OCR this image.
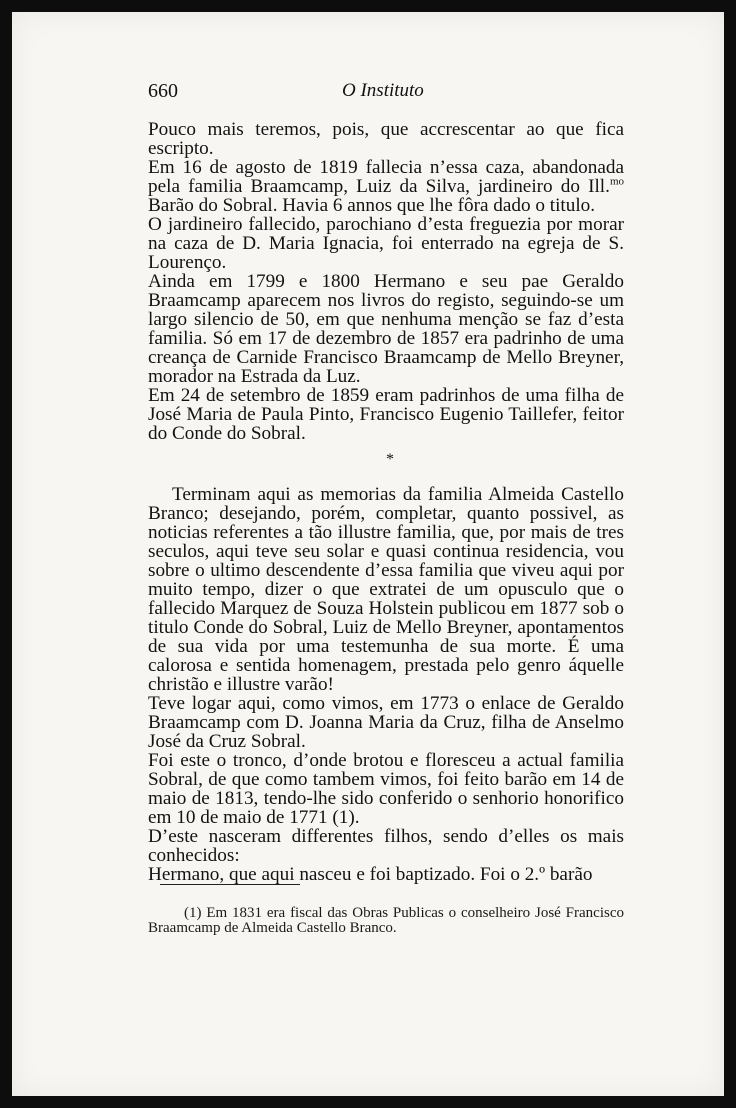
660	O Instituto

Pouco mais teremos, pois, que accrescentar ao que fica escripto.

Em 16 de agosto de 1819 fallecia n’essa caza, abandonada pela familia Braamcamp, Luiz da Silva, jardineiro do Ill.$^{mo}$ Barão do Sobral. Havia 6 annos que lhe fôra dado o titulo.

O jardineiro fallecido, parochiano d’esta freguezia por morar na caza de D. Maria Ignacia, foi enterrado na egreja de S. Lourenço.

Ainda em 1799 e 1800 Hermano e seu pae Geraldo Braamcamp aparecem nos livros do registo, seguindo-se um largo silencio de 50, em que nenhuma menção se faz d’esta familia. Só em 17 de dezembro de 1857 era padrinho de uma creança de Carnide Francisco Braamcamp de Mello Breyner, morador na Estrada da Luz.

Em 24 de setembro de 1859 eram padrinhos de uma filha de José Maria de Paula Pinto, Francisco Eugenio Taillefer, feitor do Conde do Sobral.

*

Terminam aqui as memorias da familia Almeida Castello Branco; desejando, porém, completar, quanto possivel, as noticias referentes a tão illustre familia, que, por mais de tres seculos, aqui teve seu solar e quasi continua residencia, vou sobre o ultimo descendente d’essa familia que viveu aqui por muito tempo, dizer o que extratei de um opusculo que o fallecido Marquez de Souza Holstein publicou em 1877 sob o titulo Conde do Sobral, Luiz de Mello Breyner, apontamentos de sua vida por uma testemunha de sua morte. É uma calorosa e sentida homenagem, prestada pelo genro áquelle christão e illustre varão!

Teve logar aqui, como vimos, em 1773 o enlace de Geraldo Braamcamp com D. Joanna Maria da Cruz, filha de Anselmo José da Cruz Sobral.

Foi este o tronco, d’onde brotou e floresceu a actual familia Sobral, de que como tambem vimos, foi feito barão em 14 de maio de 1813, tendo-lhe sido conferido o senhorio honorifico em 10 de maio de 1771 (1).

D’este nasceram differentes filhos, sendo d’elles os mais conhecidos:

Hermano, que aqui nasceu e foi baptizado. Foi o 2.º barão

(1) Em 1831 era fiscal das Obras Publicas o conselheiro José Francisco Braamcamp de Almeida Castello Branco.
